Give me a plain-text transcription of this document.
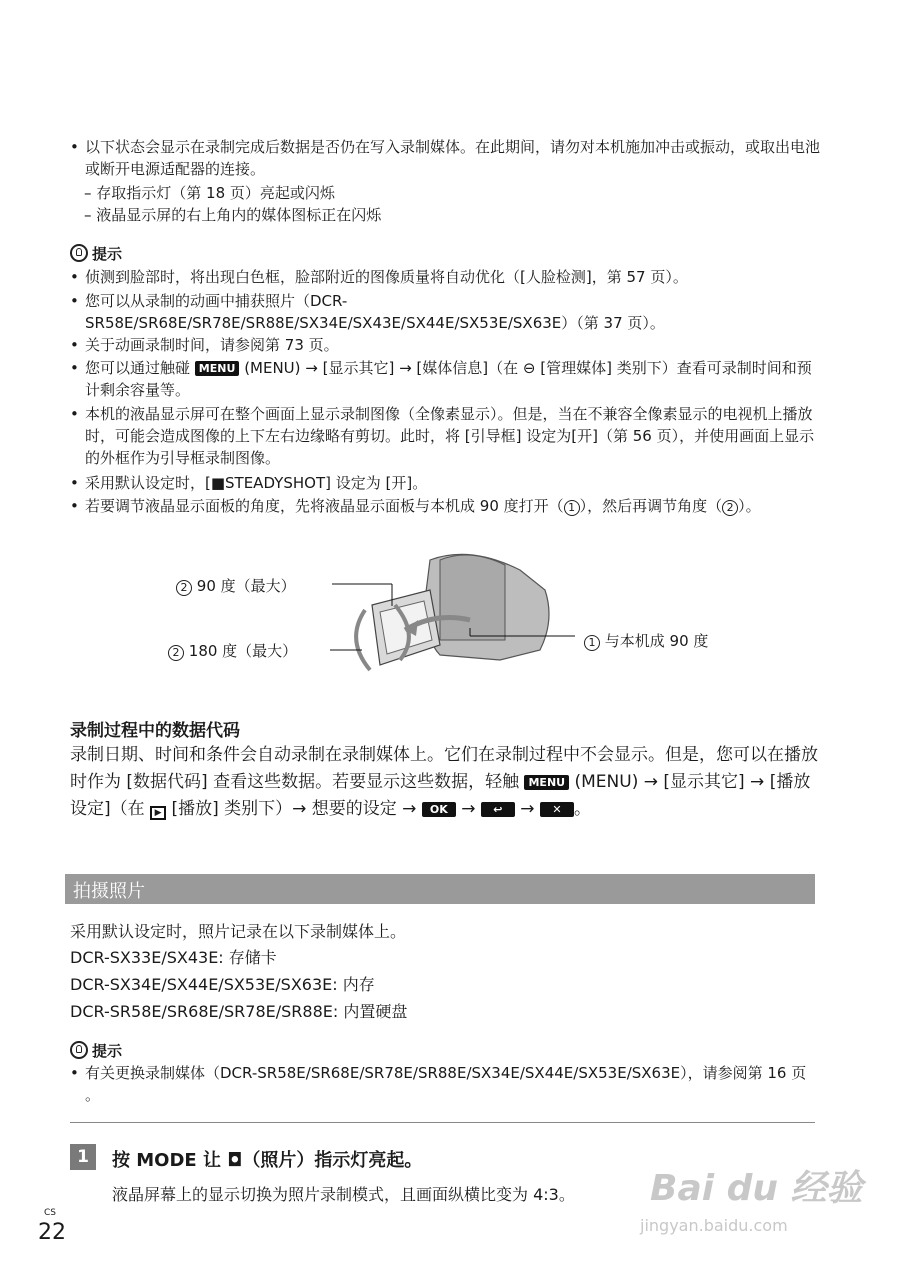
• 以下状态会显示在录制完成后数据是否仍在写入录制媒体。在此期间，请勿对本机施加冲击或振动，或取出电池或断开电源适配器的连接。
– 存取指示灯（第 18 页）亮起或闪烁
– 液晶显示屏的右上角内的媒体图标正在闪烁
提示
• 侦测到脸部时，将出现白色框，脸部附近的图像质量将自动优化（[人脸检测]，第 57 页）。
• 您可以从录制的动画中捕获照片（DCR-SR58E/SR68E/SR78E/SR88E/SX34E/SX43E/SX44E/SX53E/SX63E）（第 37 页）。
• 关于动画录制时间，请参阅第 73 页。
• 您可以通过触碰 MENU (MENU) → [显示其它] → [媒体信息]（在 ⊖ [管理媒体] 类别下）查看可录制时间和预计剩余容量等。
• 本机的液晶显示屏可在整个画面上显示录制图像（全像素显示）。但是，当在不兼容全像素显示的电视机上播放时，可能会造成图像的上下左右边缘略有剪切。此时，将 [引导框] 设定为[开]（第 56 页），并使用画面上显示的外框作为引导框录制图像。
• 采用默认设定时，[■STEADYSHOT] 设定为 [开]。
• 若要调节液晶显示面板的角度，先将液晶显示面板与本机成 90 度打开（ 1 ），然后再调节角度（ 2 ）。
2 90 度（最大）
2 180 度（最大）	1 与本机成 90 度
录制过程中的数据代码
录制日期、时间和条件会自动录制在录制媒体上。它们在录制过程中不会显示。但是，您可以在播放时作为 [数据代码] 查看这些数据。若要显示这些数据，轻触 MENU (MENU) → [显示其它] → [播放设定]（在 ▶ [播放] 类别下）→ 想要的设定 → OK → ↩ → ✕ 。
拍摄照片
采用默认设定时，照片记录在以下录制媒体上。
DCR-SX33E/SX43E: 存储卡
DCR-SX34E/SX44E/SX53E/SX63E: 内存
DCR-SR58E/SR68E/SR78E/SR88E: 内置硬盘
提示
• 有关更换录制媒体（DCR-SR58E/SR68E/SR78E/SR88E/SX34E/SX44E/SX53E/SX63E），请参阅第 16 页 。
1	按 MODE 让 ◘（照片）指示灯亮起。
液晶屏幕上的显示切换为照片录制模式，且画面纵横比变为 4:3。
CS
22
Bai du 经验
jingyan.baidu.com
